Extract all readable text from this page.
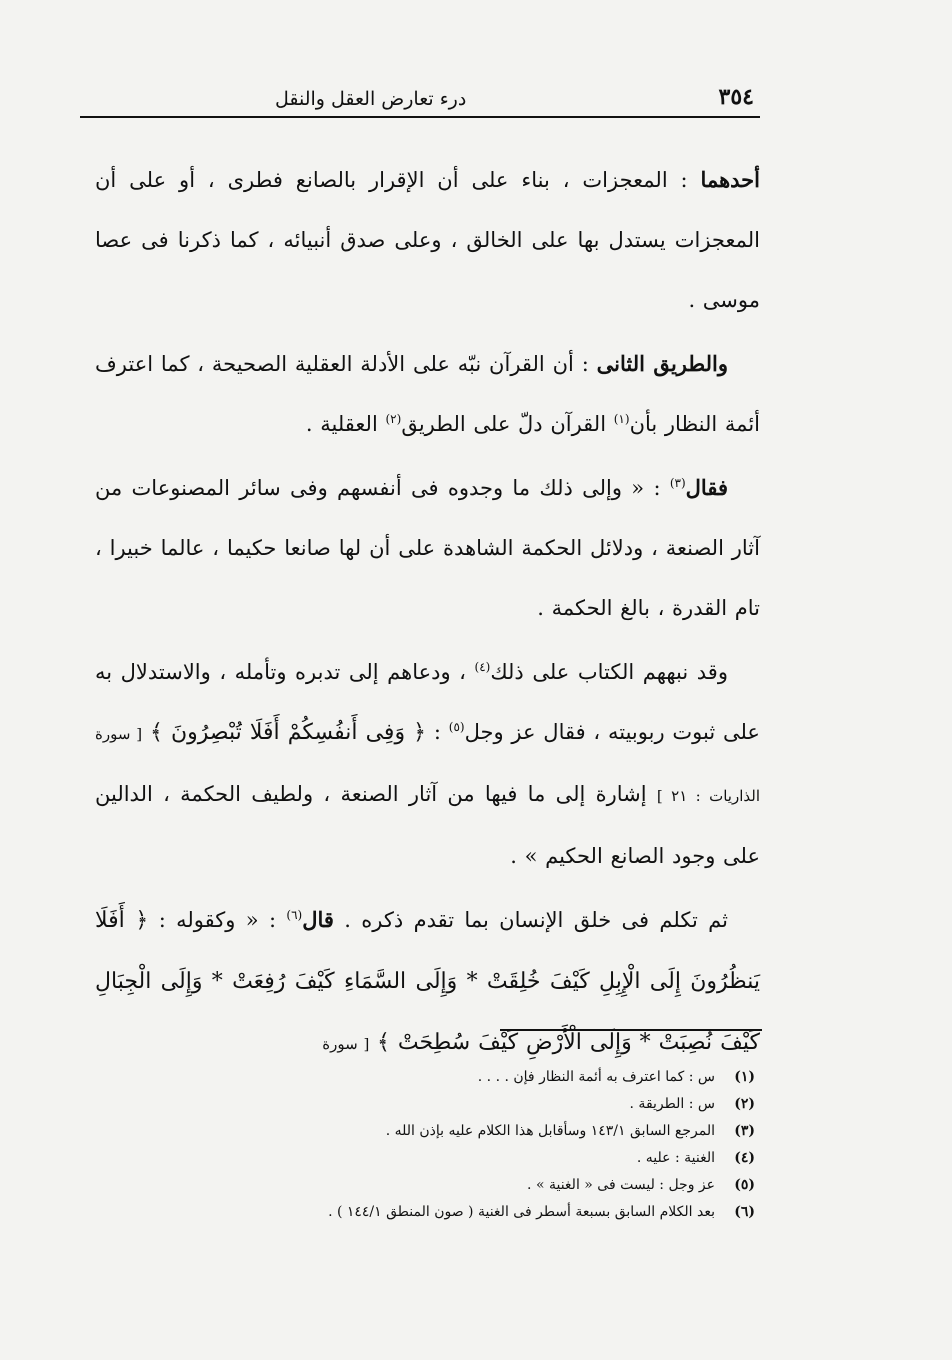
٣٥٤
درء تعارض العقل والنقل

أحدهما : المعجزات ، بناء على أن الإقرار بالصانع فطرى ، أو على أن المعجزات يستدل بها على الخالق ، وعلى صدق أنبيائه ، كما ذكرنا فى عصا موسى .

والطريق الثانى : أن القرآن نبّه على الأدلة العقلية الصحيحة ، كما اعترف أئمة النظار بأن$^{(١)}$ القرآن دلّ على الطريق$^{(٢)}$ العقلية .

فقال$^{(٣)}$ : « وإلى ذلك ما وجدوه فى أنفسهم وفى سائر المصنوعات من آثار الصنعة ، ودلائل الحكمة الشاهدة على أن لها صانعا حكيما ، عالما خبيرا ، تام القدرة ، بالغ الحكمة .

وقد نبههم الكتاب على ذلك$^{(٤)}$ ، ودعاهم إلى تدبره وتأمله ، والاستدلال به على ثبوت ربوبيته ، فقال عز وجل$^{(٥)}$ : ﴿ وَفِى أَنفُسِكُمْ أَفَلَا تُبْصِرُونَ ﴾ [ سورة الذاريات : ٢١ ] إشارة إلى ما فيها من آثار الصنعة ، ولطيف الحكمة ، الدالين على وجود الصانع الحكيم » .

ثم تكلم فى خلق الإنسان بما تقدم ذكره . قال$^{(٦)}$ : « وكقوله : ﴿ أَفَلَا يَنظُرُونَ إِلَى الْإِبِلِ كَيْفَ خُلِقَتْ * وَإِلَى السَّمَاءِ كَيْفَ رُفِعَتْ * وَإِلَى الْجِبَالِ كَيْفَ نُصِبَتْ * وَإِلَى الْأَرْضِ كَيْفَ سُطِحَتْ ﴾ [ سورة

(١)
س : كما اعترف به أئمة النظار فإن . . . .
(٢)
س : الطريقة .
(٣)
المرجع السابق ١٤٣/١ وسأقابل هذا الكلام عليه بإذن الله .
(٤)
الغنية : عليه .
(٥)
عز وجل : ليست فى « الغنية » .
(٦)
بعد الكلام السابق بسبعة أسطر فى الغنية ( صون المنطق ١٤٤/١ ) .
